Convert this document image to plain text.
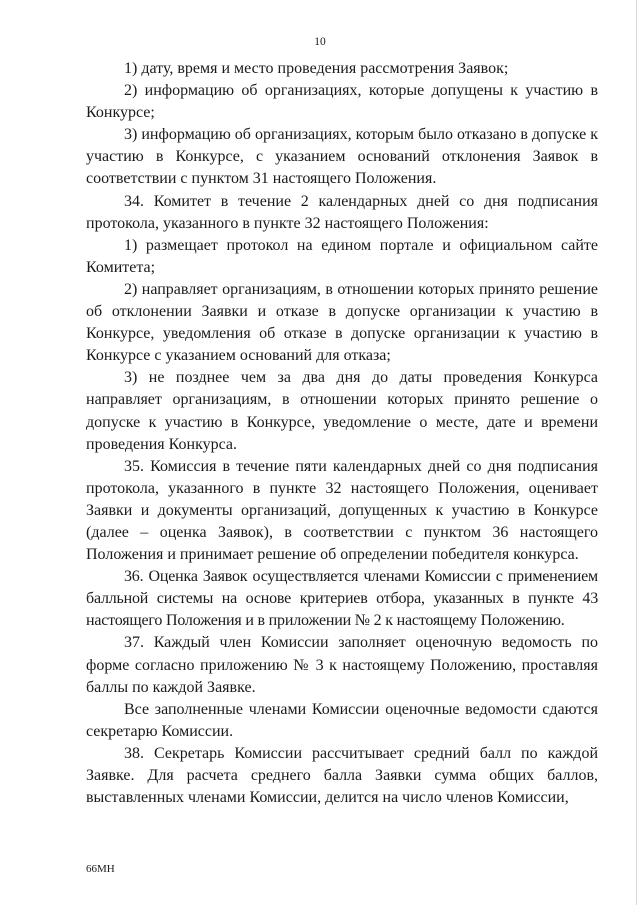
10

1) дату, время и место проведения рассмотрения Заявок;

2) информацию об организациях, которые допущены к участию в Конкурсе;

3) информацию об организациях, которым было отказано в допуске к участию в Конкурсе, с указанием оснований отклонения Заявок в соответствии с пунктом 31 настоящего Положения.

34. Комитет в течение 2 календарных дней со дня подписания протокола, указанного в пункте 32 настоящего Положения:

1) размещает протокол на едином портале и официальном сайте Комитета;

2) направляет организациям, в отношении которых принято решение об отклонении Заявки и отказе в допуске организации к участию в Конкурсе, уведомления об отказе в допуске организации к участию в Конкурсе с указанием оснований для отказа;

3) не позднее чем за два дня до даты проведения Конкурса направляет организациям, в отношении которых принято решение о допуске к участию в Конкурсе, уведомление о месте, дате и времени проведения Конкурса.

35. Комиссия в течение пяти календарных дней со дня подписания протокола, указанного в пункте 32 настоящего Положения, оценивает Заявки и документы организаций, допущенных к участию в Конкурсе (далее – оценка Заявок), в соответствии с пунктом 36 настоящего Положения и принимает решение об определении победителя конкурса.

36. Оценка Заявок осуществляется членами Комиссии с применением балльной системы на основе критериев отбора, указанных в пункте 43 настоящего Положения и в приложении № 2 к настоящему Положению.

37. Каждый член Комиссии заполняет оценочную ведомость по форме согласно приложению № 3 к настоящему Положению, проставляя баллы по каждой Заявке.

Все заполненные членами Комиссии оценочные ведомости сдаются секретарю Комиссии.

38. Секретарь Комиссии рассчитывает средний балл по каждой Заявке. Для расчета среднего балла Заявки сумма общих баллов, выставленных членами Комиссии, делится на число членов Комиссии,

66МН
